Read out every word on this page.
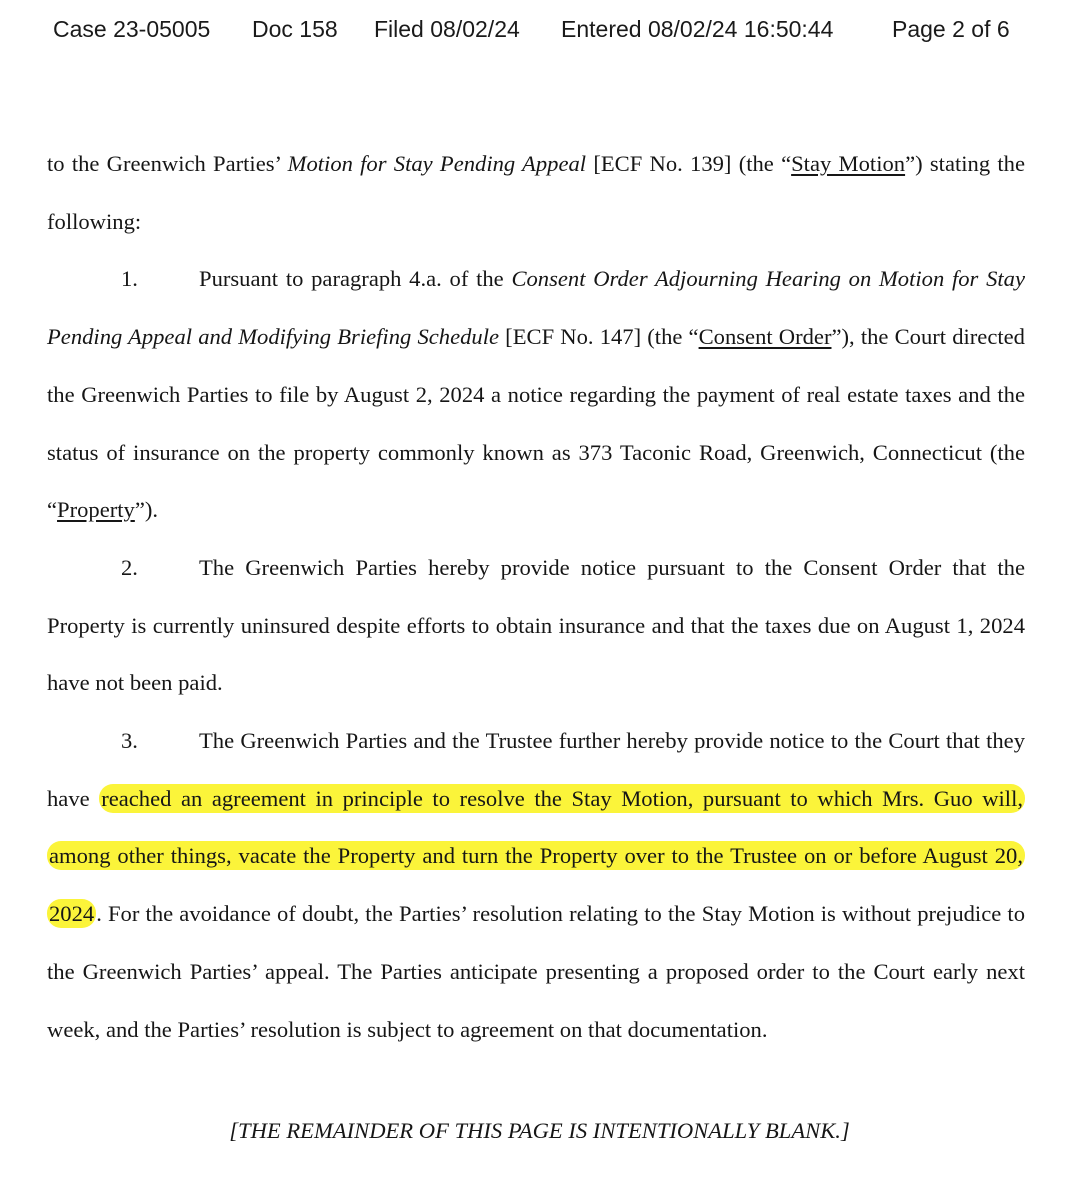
Case 23-05005 Doc 158 Filed 08/02/24 Entered 08/02/24 16:50:44	Page 2 of 6

to the Greenwich Parties’ Motion for Stay Pending Appeal [ECF No. 139] (the “Stay Motion”) stating the following:

1.	Pursuant to paragraph 4.a. of the Consent Order Adjourning Hearing on Motion for Stay Pending Appeal and Modifying Briefing Schedule [ECF No. 147] (the “Consent Order”), the Court directed the Greenwich Parties to file by August 2, 2024 a notice regarding the payment of real estate taxes and the status of insurance on the property commonly known as 373 Taconic Road, Greenwich, Connecticut (the “Property”).

2.	The Greenwich Parties hereby provide notice pursuant to the Consent Order that the Property is currently uninsured despite efforts to obtain insurance and that the taxes due on August 1, 2024 have not been paid.

3.	The Greenwich Parties and the Trustee further hereby provide notice to the Court that they have reached an agreement in principle to resolve the Stay Motion, pursuant to which Mrs. Guo will, among other things, vacate the Property and turn the Property over to the Trustee on or before August 20, 2024. For the avoidance of doubt, the Parties’ resolution relating to the Stay Motion is without prejudice to the Greenwich Parties’ appeal. The Parties anticipate presenting a proposed order to the Court early next week, and the Parties’ resolution is subject to agreement on that documentation.

[THE REMAINDER OF THIS PAGE IS INTENTIONALLY BLANK.]
